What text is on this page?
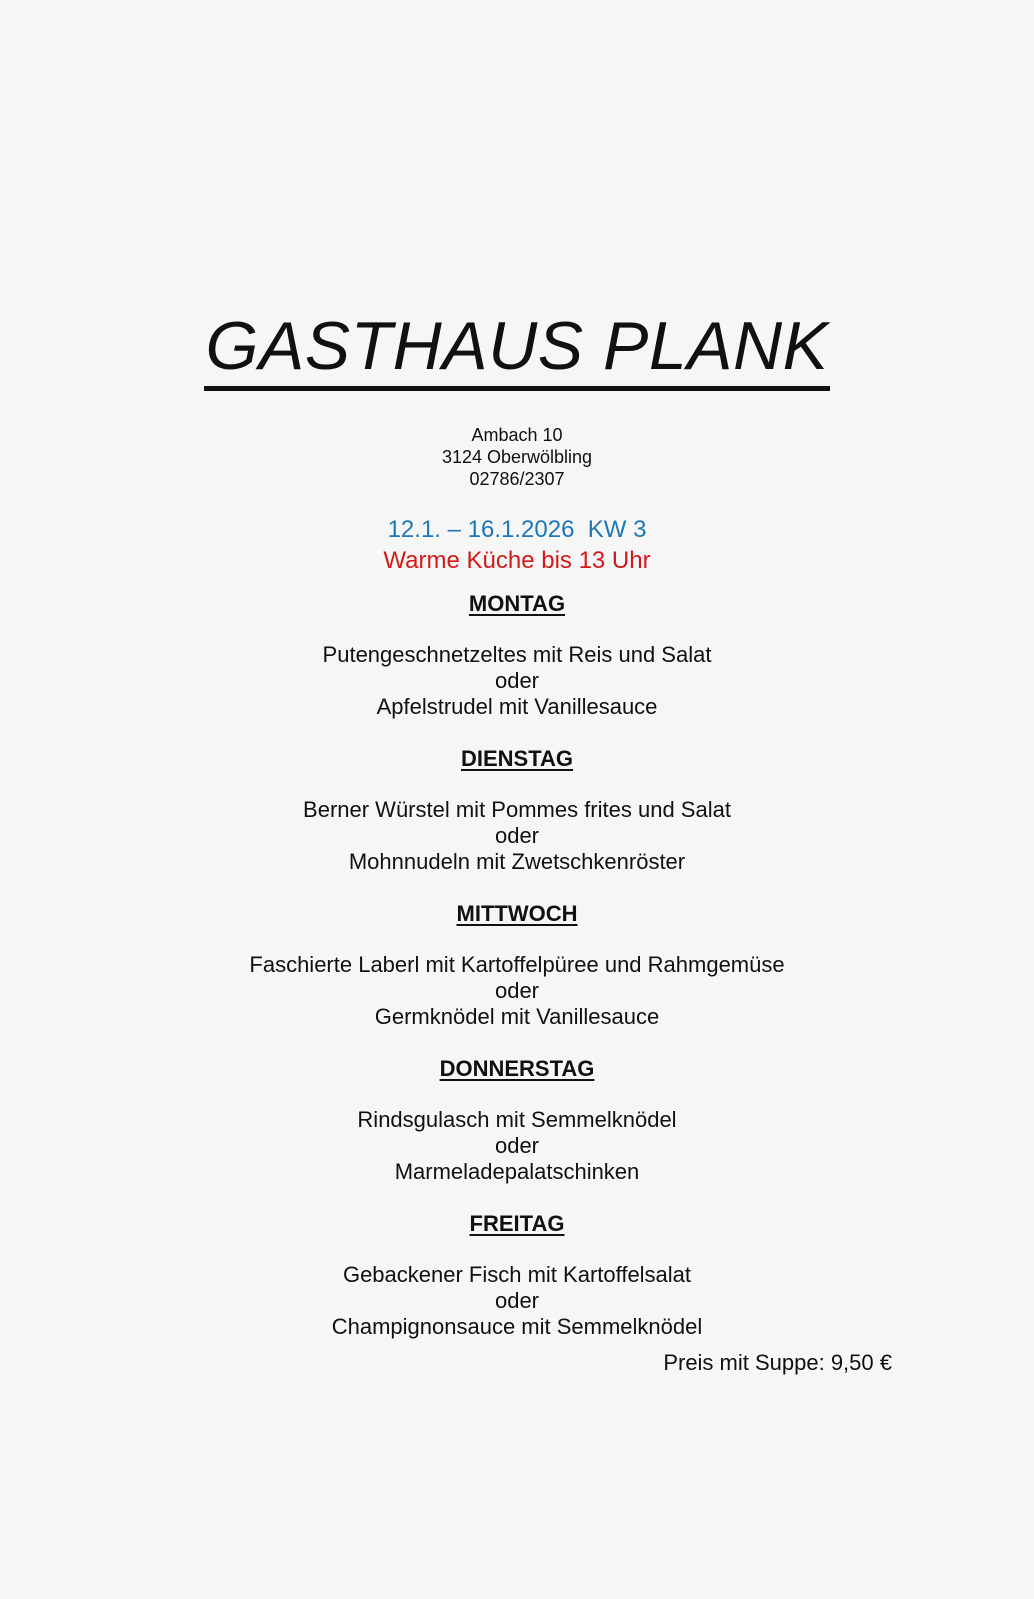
GASTHAUS PLANK
Ambach 10
3124 Oberwölbling
02786/2307
12.1. – 16.1.2026  KW 3
Warme Küche bis 13 Uhr
MONTAG
Putengeschnetzeltes mit Reis und Salat
oder
Apfelstrudel mit Vanillesauce
DIENSTAG
Berner Würstel mit Pommes frites und Salat
oder
Mohnnudeln mit Zwetschkenröster
MITTWOCH
Faschierte Laberl mit Kartoffelpüree und Rahmgemüse
oder
Germknödel mit Vanillesauce
DONNERSTAG
Rindsgulasch mit Semmelknödel
oder
Marmeladepalatschinken
FREITAG
Gebackener Fisch mit Kartoffelsalat
oder
Champignonsauce mit Semmelknödel
Preis mit Suppe: 9,50 €
